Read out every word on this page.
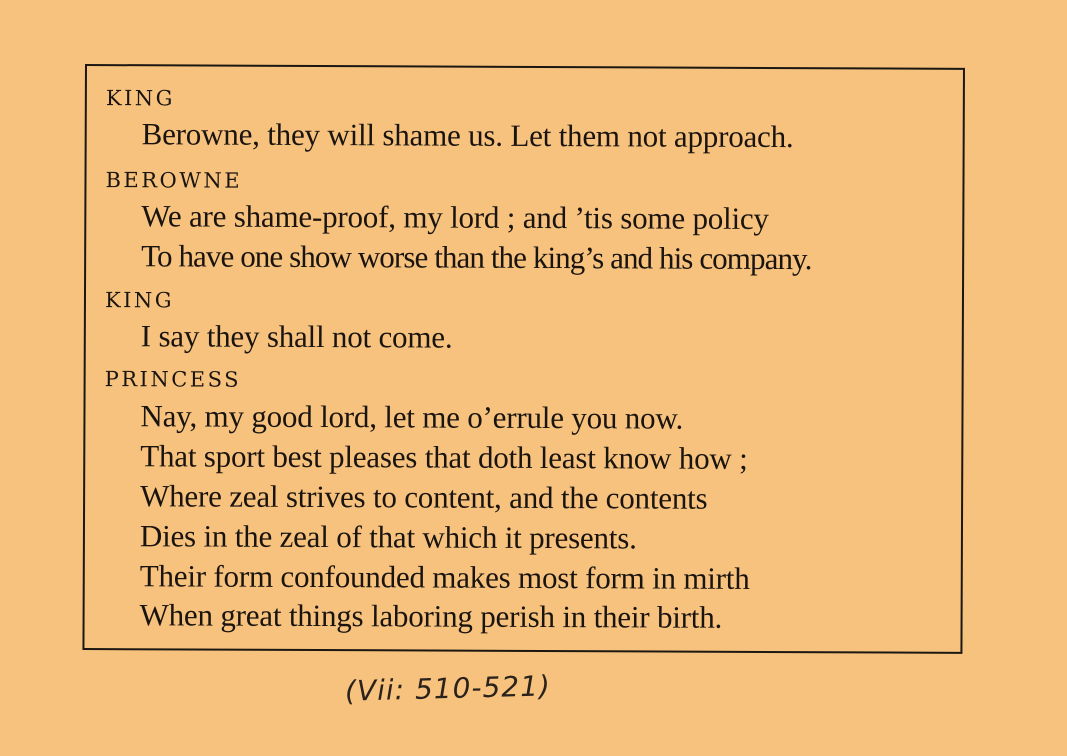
KING
Berowne, they will shame us. Let them not approach.
BEROWNE
We are shame-proof, my lord ; and ’tis some policy
To have one show worse than the king’s and his company.
KING
I say they shall not come.
PRINCESS
Nay, my good lord, let me o’errule you now.
That sport best pleases that doth least know how ;
Where zeal strives to content, and the contents
Dies in the zeal of that which it presents.
Their form confounded makes most form in mirth
When great things laboring perish in their birth.
(Vii: 510-521)
